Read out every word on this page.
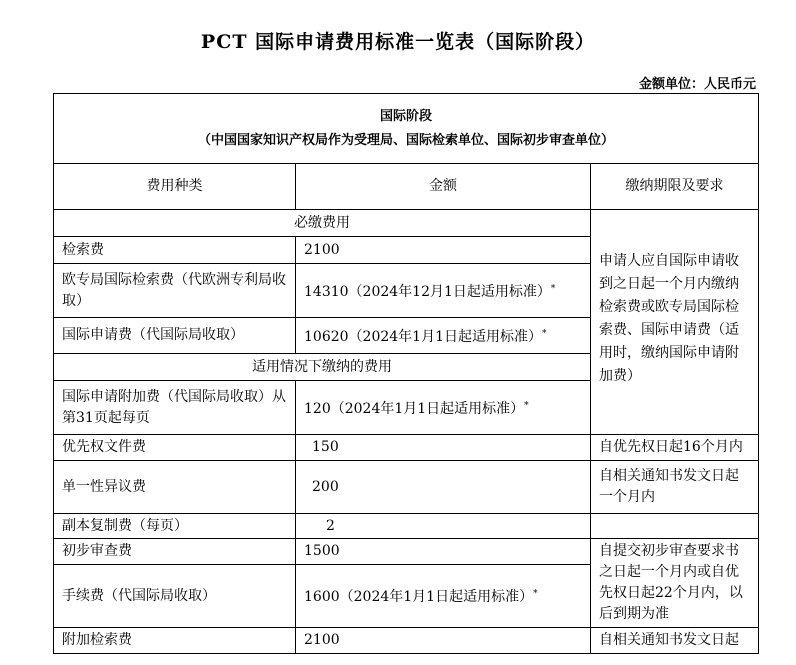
PCT 国际申请费用标准一览表（国际阶段）
金额单位：人民币元
国际阶段
（中国国家知识产权局作为受理局、国际检索单位、国际初步审查单位）		

费用种类	金额	缴纳期限及要求
必缴费用		申请人应自国际申请收到之日起一个月内缴纳检索费或欧专局国际检索费、国际申请费（适用时，缴纳国际申请附加费）
检索费	2100	
欧专局国际检索费（代欧洲专利局收取）	14310（2024年12月1日起适用标准）*
国际申请费（代国际局收取）	10620（2024年1月1日起适用标准）*
适用情况下缴纳的费用		
国际申请附加费（代国际局收取）从第31页起每页	120（2024年1月1日起适用标准）*
优先权文件费	150	自优先权日起16个月内
单一性异议费	200	自相关通知书发文日起一个月内
副本复制费（每页）	2	
初步审查费	1500	自提交初步审查要求书之日起一个月内或自优先权日起22个月内，以后到期为准
手续费（代国际局收取）	1600（2024年1月1日起适用标准）*
附加检索费	2100	自相关通知书发文日起
